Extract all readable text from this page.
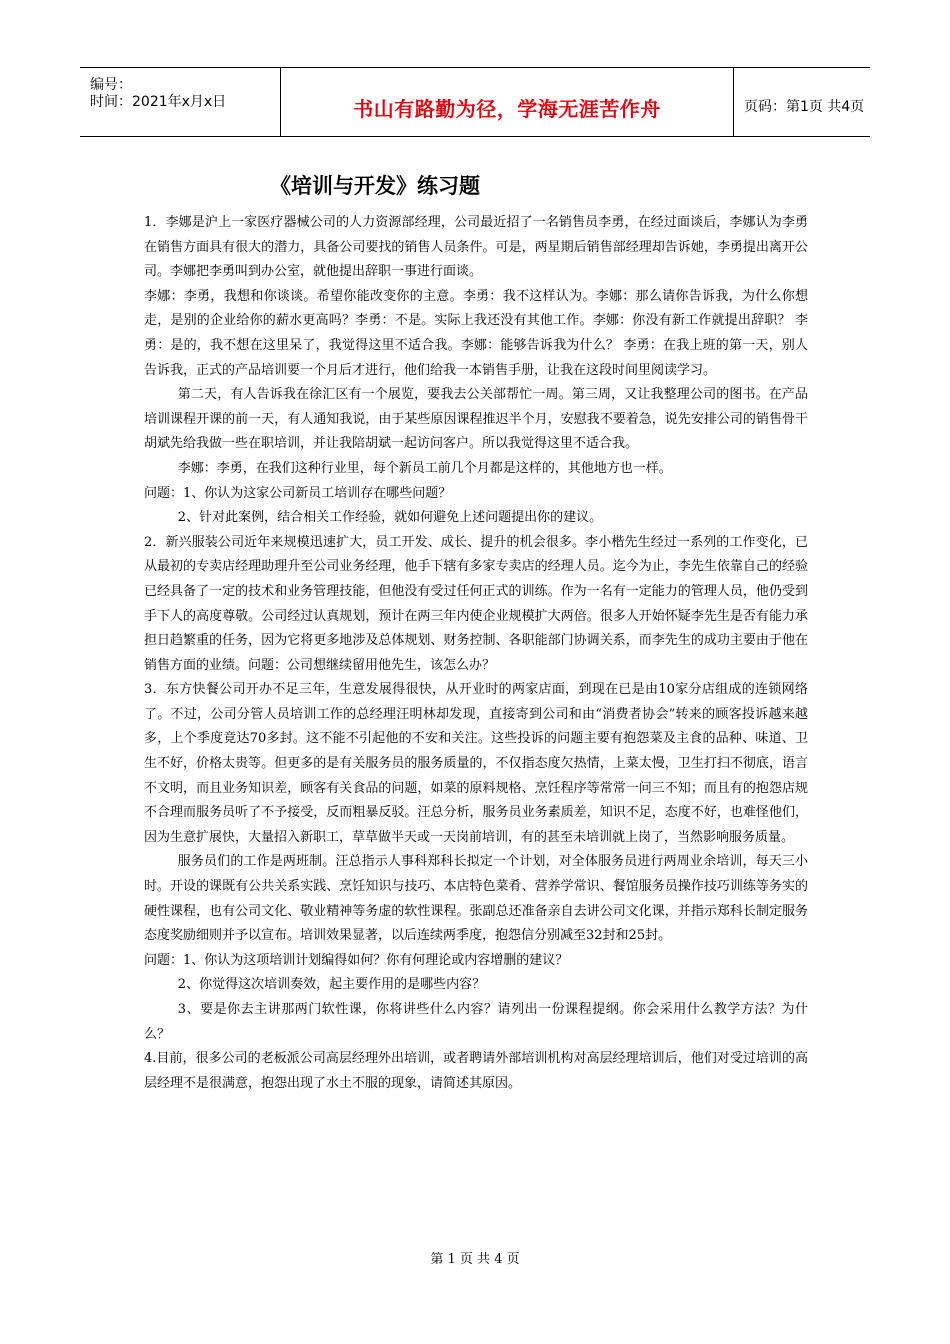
编号：
时间：2021年x月x日	书山有路勤为径，学海无涯苦作舟	页码：第1页 共4页
《培训与开发》练习题

1．李娜是沪上一家医疗器械公司的人力资源部经理，公司最近招了一名销售员李勇，在经过面谈后，李娜认为李勇在销售方面具有很大的潜力，具备公司要找的销售人员条件。可是，两星期后销售部经理却告诉她，李勇提出离开公司。李娜把李勇叫到办公室，就他提出辞职一事进行面谈。

李娜：李勇，我想和你谈谈。希望你能改变你的主意。李勇：我不这样认为。李娜：那么请你告诉我，为什么你想走，是别的企业给你的薪水更高吗？李勇：不是。实际上我还没有其他工作。李娜：你没有新工作就提出辞职？ 李勇：是的，我不想在这里呆了，我觉得这里不适合我。李娜：能够告诉我为什么？ 李勇：在我上班的第一天，别人告诉我，正式的产品培训要一个月后才进行，他们给我一本销售手册，让我在这段时间里阅读学习。

第二天，有人告诉我在徐汇区有一个展览，要我去公关部帮忙一周。第三周，又让我整理公司的图书。在产品培训课程开课的前一天，有人通知我说，由于某些原因课程推迟半个月，安慰我不要着急，说先安排公司的销售骨干胡斌先给我做一些在职培训，并让我陪胡斌一起访问客户。所以我觉得这里不适合我。

李娜：李勇，在我们这种行业里，每个新员工前几个月都是这样的，其他地方也一样。

问题：1、你认为这家公司新员工培训存在哪些问题？

2、针对此案例，结合相关工作经验，就如何避免上述问题提出你的建议。

2．新兴服装公司近年来规模迅速扩大，员工开发、成长、提升的机会很多。李小楷先生经过一系列的工作变化，已从最初的专卖店经理助理升至公司业务经理，他手下辖有多家专卖店的经理人员。迄今为止，李先生依靠自己的经验已经具备了一定的技术和业务管理技能，但他没有受过任何正式的训练。作为一名有一定能力的管理人员，他仍受到手下人的高度尊敬。公司经过认真规划，预计在两三年内使企业规模扩大两倍。很多人开始怀疑李先生是否有能力承担日趋繁重的任务，因为它将更多地涉及总体规划、财务控制、各职能部门协调关系，而李先生的成功主要由于他在销售方面的业绩。问题：公司想继续留用他先生，该怎么办？

3．东方快餐公司开办不足三年，生意发展得很快，从开业时的两家店面，到现在已是由10家分店组成的连锁网络了。不过，公司分管人员培训工作的总经理汪明林却发现，直接寄到公司和由“消费者协会”转来的顾客投诉越来越多，上个季度竟达70多封。这不能不引起他的不安和关注。这些投诉的问题主要有抱怨菜及主食的品种、味道、卫生不好，价格太贵等。但更多的是有关服务员的服务质量的，不仅指态度欠热情，上菜太慢，卫生打扫不彻底，语言不文明，而且业务知识差，顾客有关食品的问题，如菜的原料规格、烹饪程序等常常一问三不知；而且有的抱怨店规不合理而服务员听了不予接受，反而粗暴反驳。汪总分析，服务员业务素质差，知识不足，态度不好，也难怪他们，因为生意扩展快，大量招入新职工，草草做半天或一天岗前培训，有的甚至未培训就上岗了，当然影响服务质量。

服务员们的工作是两班制。汪总指示人事科郑科长拟定一个计划，对全体服务员进行两周业余培训，每天三小时。开设的课既有公共关系实践、烹饪知识与技巧、本店特色菜肴、营养学常识、餐馆服务员操作技巧训练等务实的硬性课程，也有公司文化、敬业精神等务虚的软性课程。张副总还准备亲自去讲公司文化课，并指示郑科长制定服务态度奖励细则并予以宣布。培训效果显著，以后连续两季度，抱怨信分别减至32封和25封。

问题：1、你认为这项培训计划编得如何？你有何理论或内容增删的建议？

2、你觉得这次培训奏效，起主要作用的是哪些内容？

3、要是你去主讲那两门软性课，你将讲些什么内容？请列出一份课程提纲。你会采用什么教学方法？为什么？

4.目前，很多公司的老板派公司高层经理外出培训，或者聘请外部培训机构对高层经理培训后，他们对受过培训的高层经理不是很满意，抱怨出现了水土不服的现象，请简述其原因。

第 1 页 共 4 页
